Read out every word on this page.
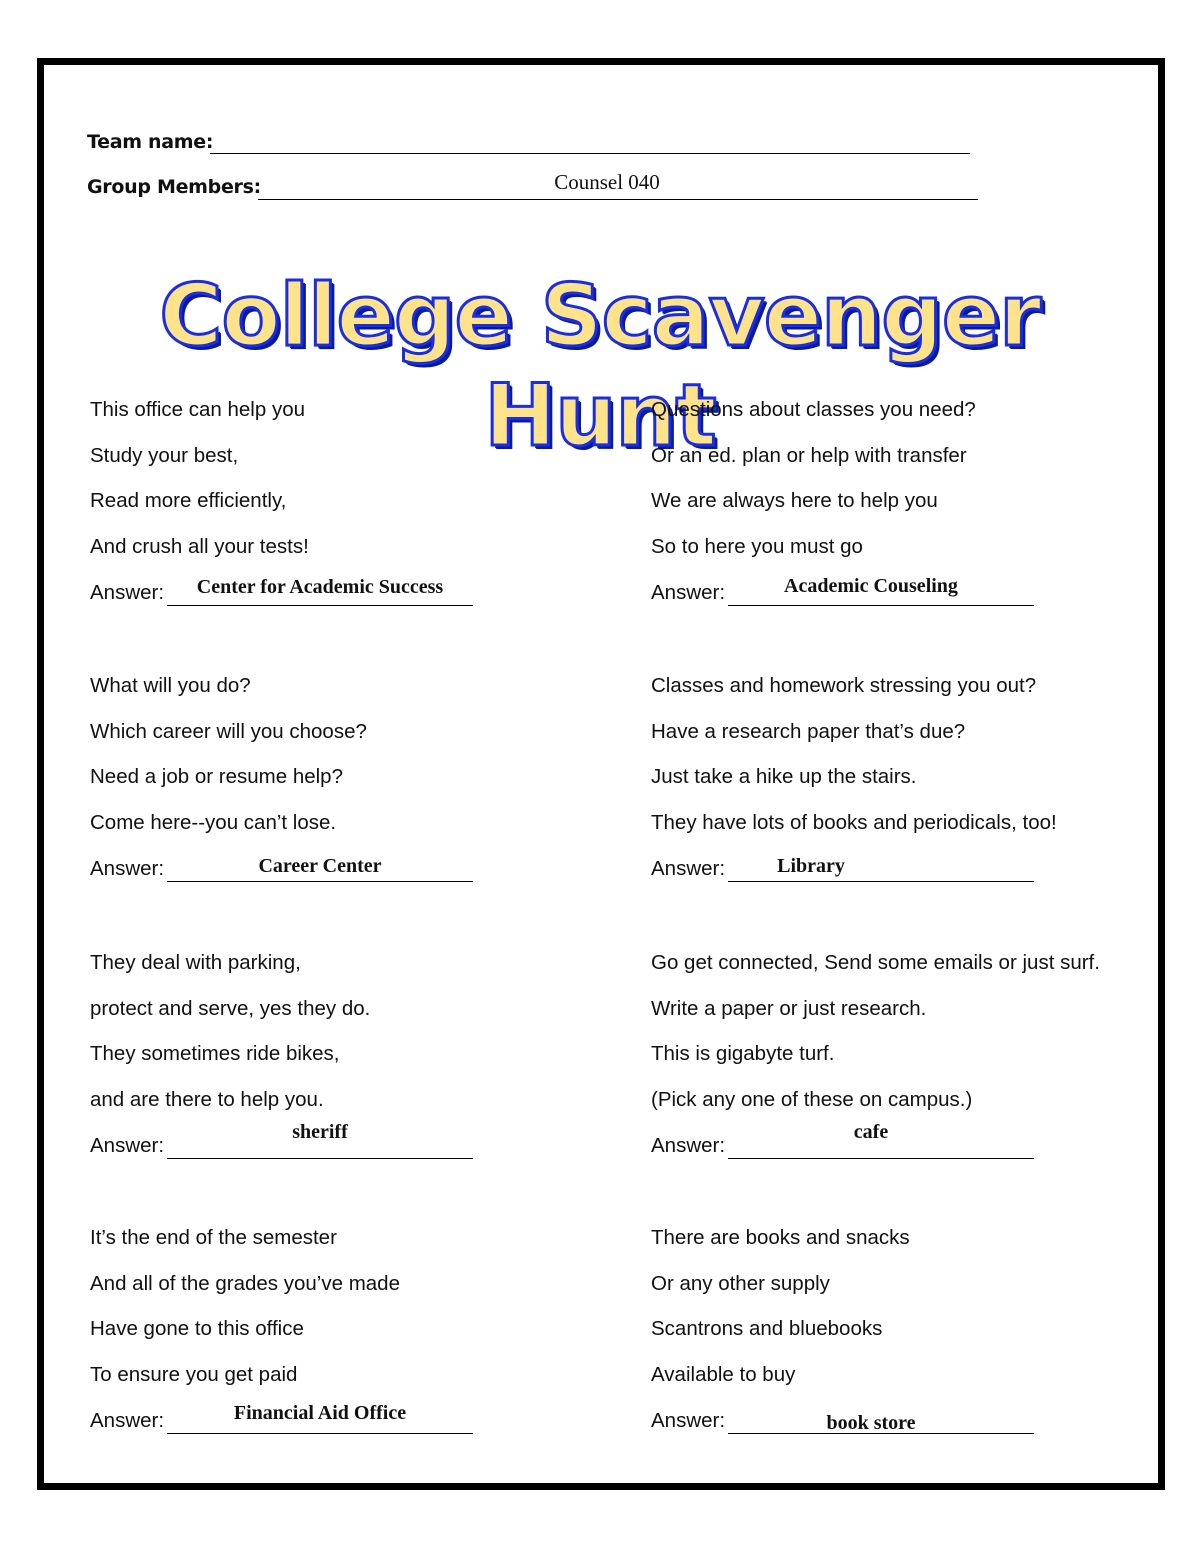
Team name:
Group Members:	Counsel 040
College Scavenger Hunt
This office can help you
Study your best,
Read more efficiently,
And crush all your tests!
Answer:	Center for Academic Success
Questions about classes you need?
Or an ed. plan or help with transfer
We are always here to help you
So to here you must go
Answer:	Academic Couseling
What will you do?
Which career will you choose?
Need a job or resume help?
Come here--you can’t lose.
Answer:	Career Center
Classes and homework stressing you out?
Have a research paper that’s due?
Just take a hike up the stairs.
They have lots of books and periodicals, too!
Answer:	Library
They deal with parking,
protect and serve, yes they do.
They sometimes ride bikes,
and are there to help you.
Answer:
sheriff
Go get connected, Send some emails or just surf.
Write a paper or just research.
This is gigabyte turf.
(Pick any one of these on campus.)
Answer:
cafe
It’s the end of the semester
And all of the grades you’ve made
Have gone to this office
To ensure you get paid
Answer:	Financial Aid Office
There are books and snacks
Or any other supply
Scantrons and bluebooks
Available to buy
Answer:	book store
